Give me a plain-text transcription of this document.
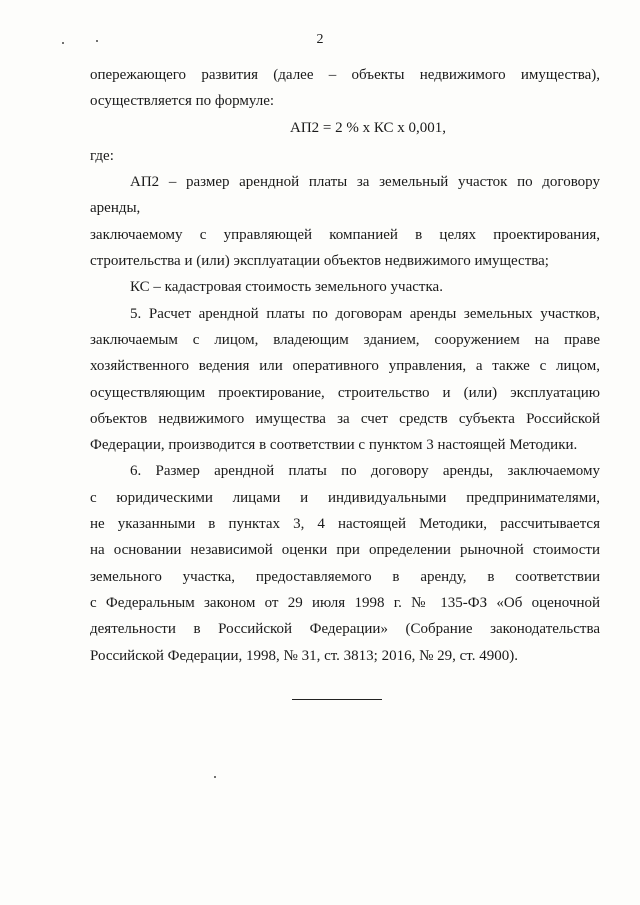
2

опережающего развития (далее – объекты недвижимого имущества),

осуществляется по формуле:

АП2 = 2 % х КС х 0,001,

где:

АП2 – размер арендной платы за земельный участок по договору аренды,

заключаемому с управляющей компанией в целях проектирования,

строительства и (или) эксплуатации объектов недвижимого имущества;

КС – кадастровая стоимость земельного участка.

5. Расчет арендной платы по договорам аренды земельных участков,

заключаемым с лицом, владеющим зданием, сооружением на праве

хозяйственного ведения или оперативного управления, а также с лицом,

осуществляющим проектирование, строительство и (или) эксплуатацию

объектов недвижимого имущества за счет средств субъекта Российской

Федерации, производится в соответствии с пунктом 3 настоящей Методики.

6. Размер арендной платы по договору аренды, заключаемому

с юридическими лицами и индивидуальными предпринимателями,

не указанными в пунктах 3, 4 настоящей Методики, рассчитывается

на основании независимой оценки при определении рыночной стоимости

земельного участка, предоставляемого в аренду, в соответствии

с Федеральным законом от 29 июля 1998 г. № 135-ФЗ «Об оценочной

деятельности в Российской Федерации» (Собрание законодательства

Российской Федерации, 1998, № 31, ст. 3813; 2016, № 29, ст. 4900).
